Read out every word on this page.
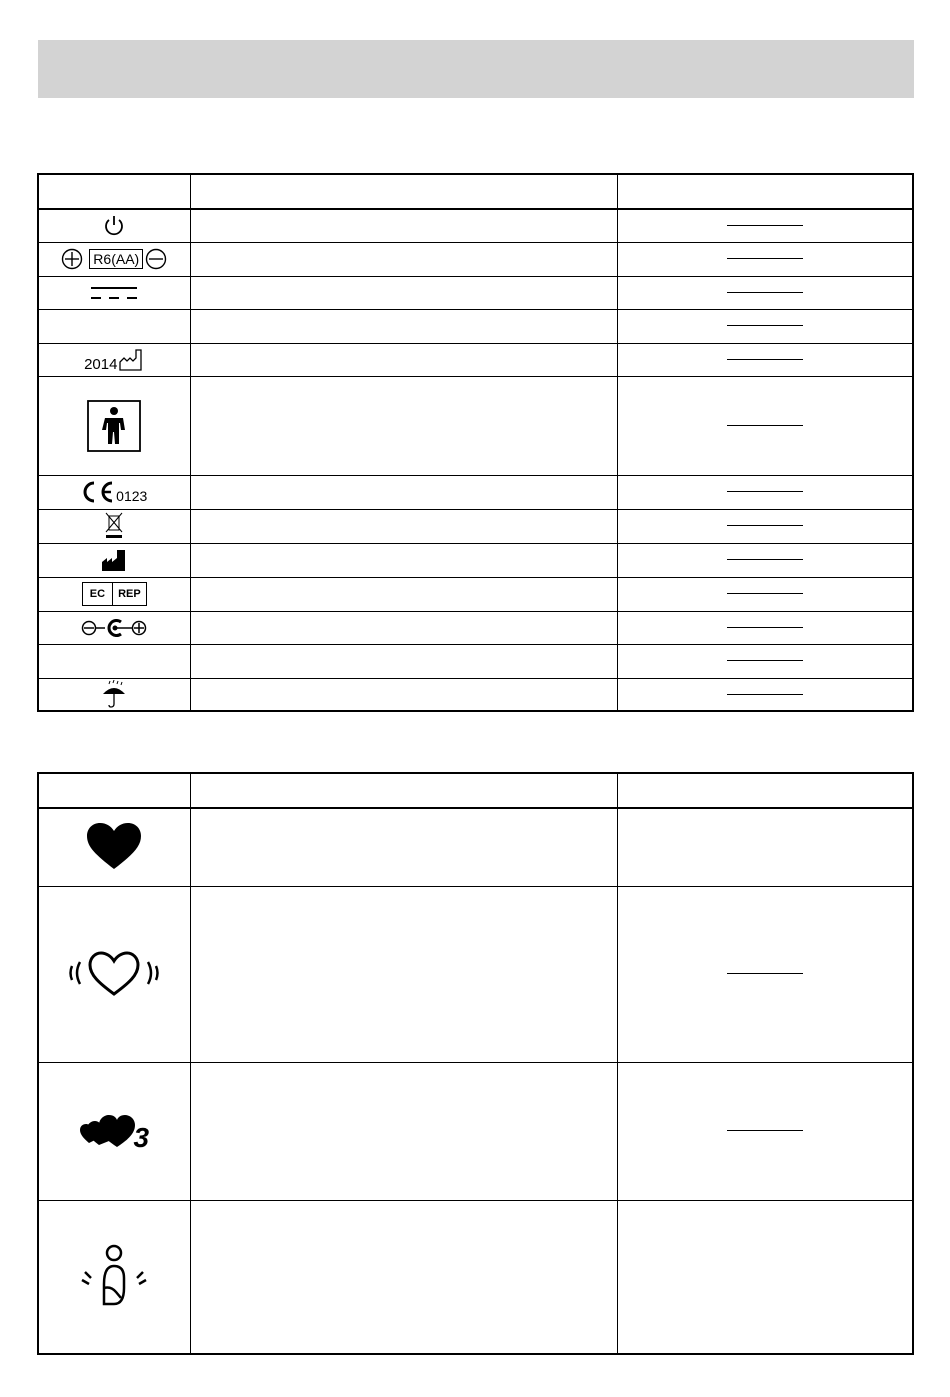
R6(AA)		

2014		

0123		

EC REP		

3		
